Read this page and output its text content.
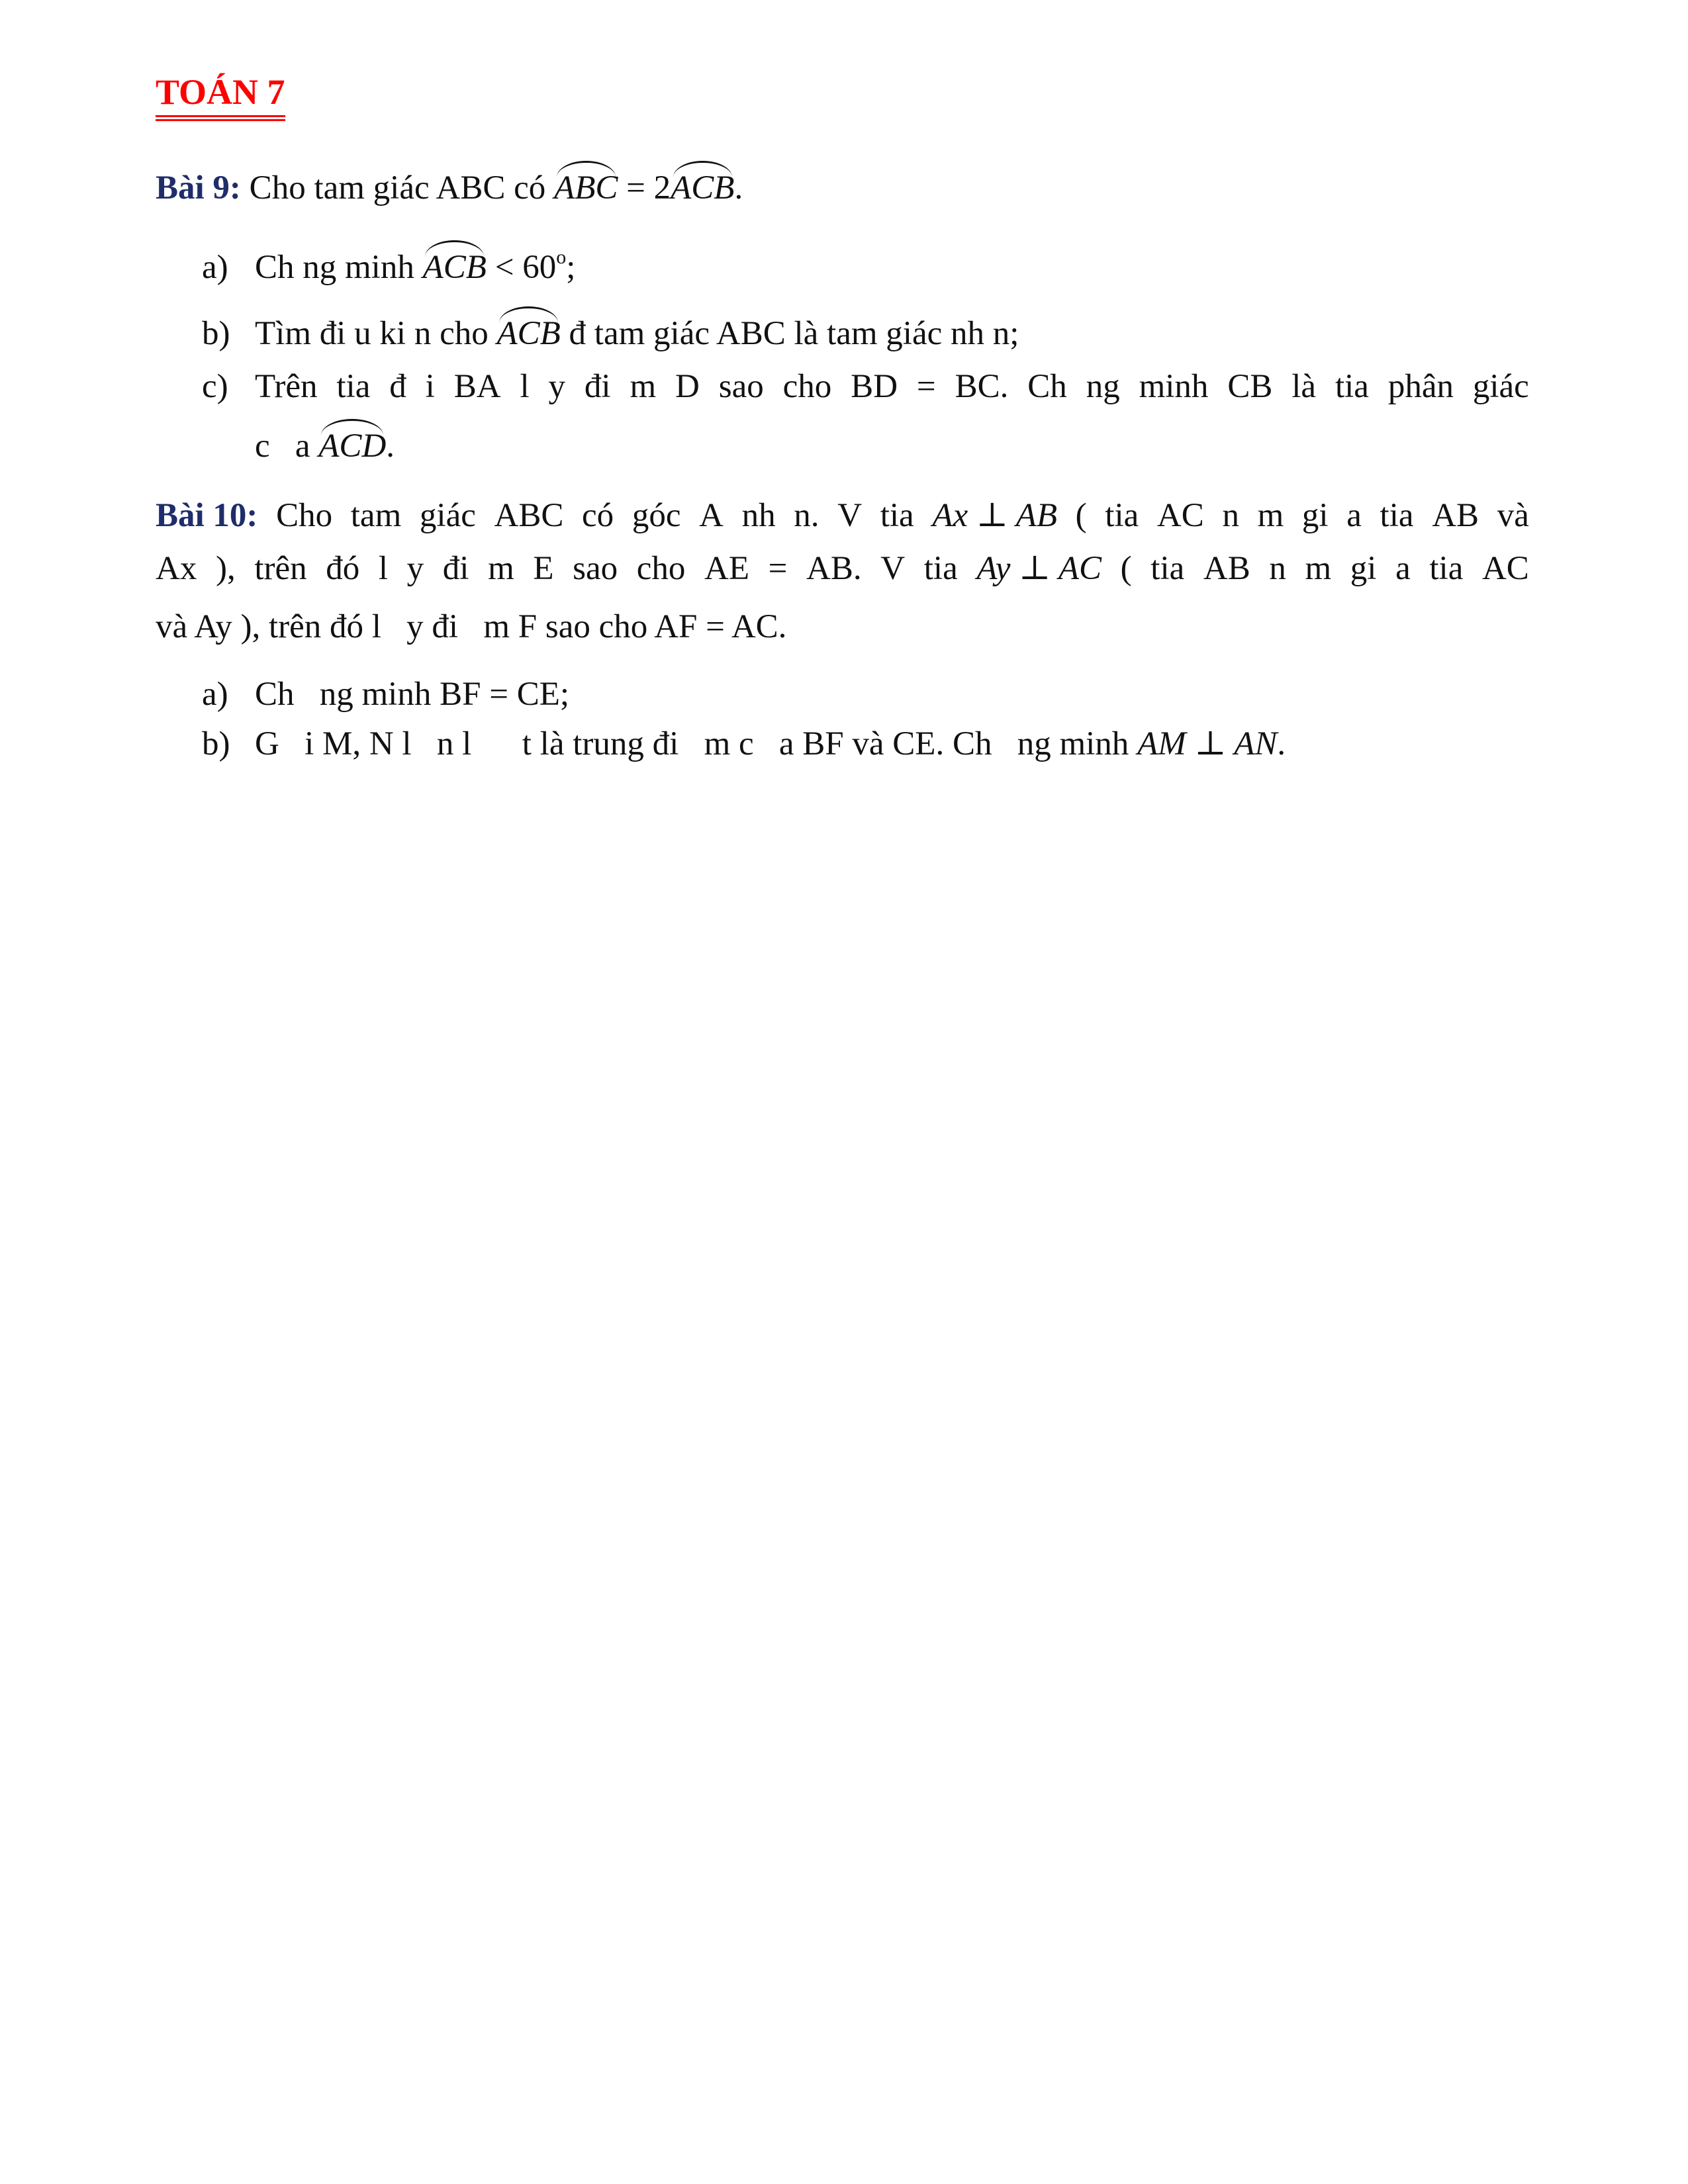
TOÁN 7
Bài 9: Cho tam giác ABC có ABC = 2ACB.
a) Ch ng minh ACB < $60^o$;
b) Tìm đi u ki n cho ACB đ tam giác ABC là tam giác nh n;
c) Trên tia đ i BA l y đi m D sao cho BD = BC. Ch ng minh CB là tia phân giác
c   a ACD.
Bài 10: Cho tam giác ABC có góc A nh n. V tia Ax ⊥ AB ( tia AC n m gi a tia AB và
Ax ), trên đó l y đi m E sao cho AE = AB. V tia Ay ⊥ AC ( tia AB n m gi a tia AC
và Ay ), trên đó l   y đi   m F sao cho AF = AC.
a) Ch   ng minh BF = CE;
b) G   i M, N l   n l      t là trung đi   m c   a BF và CE. Ch   ng minh AM ⊥ AN.
